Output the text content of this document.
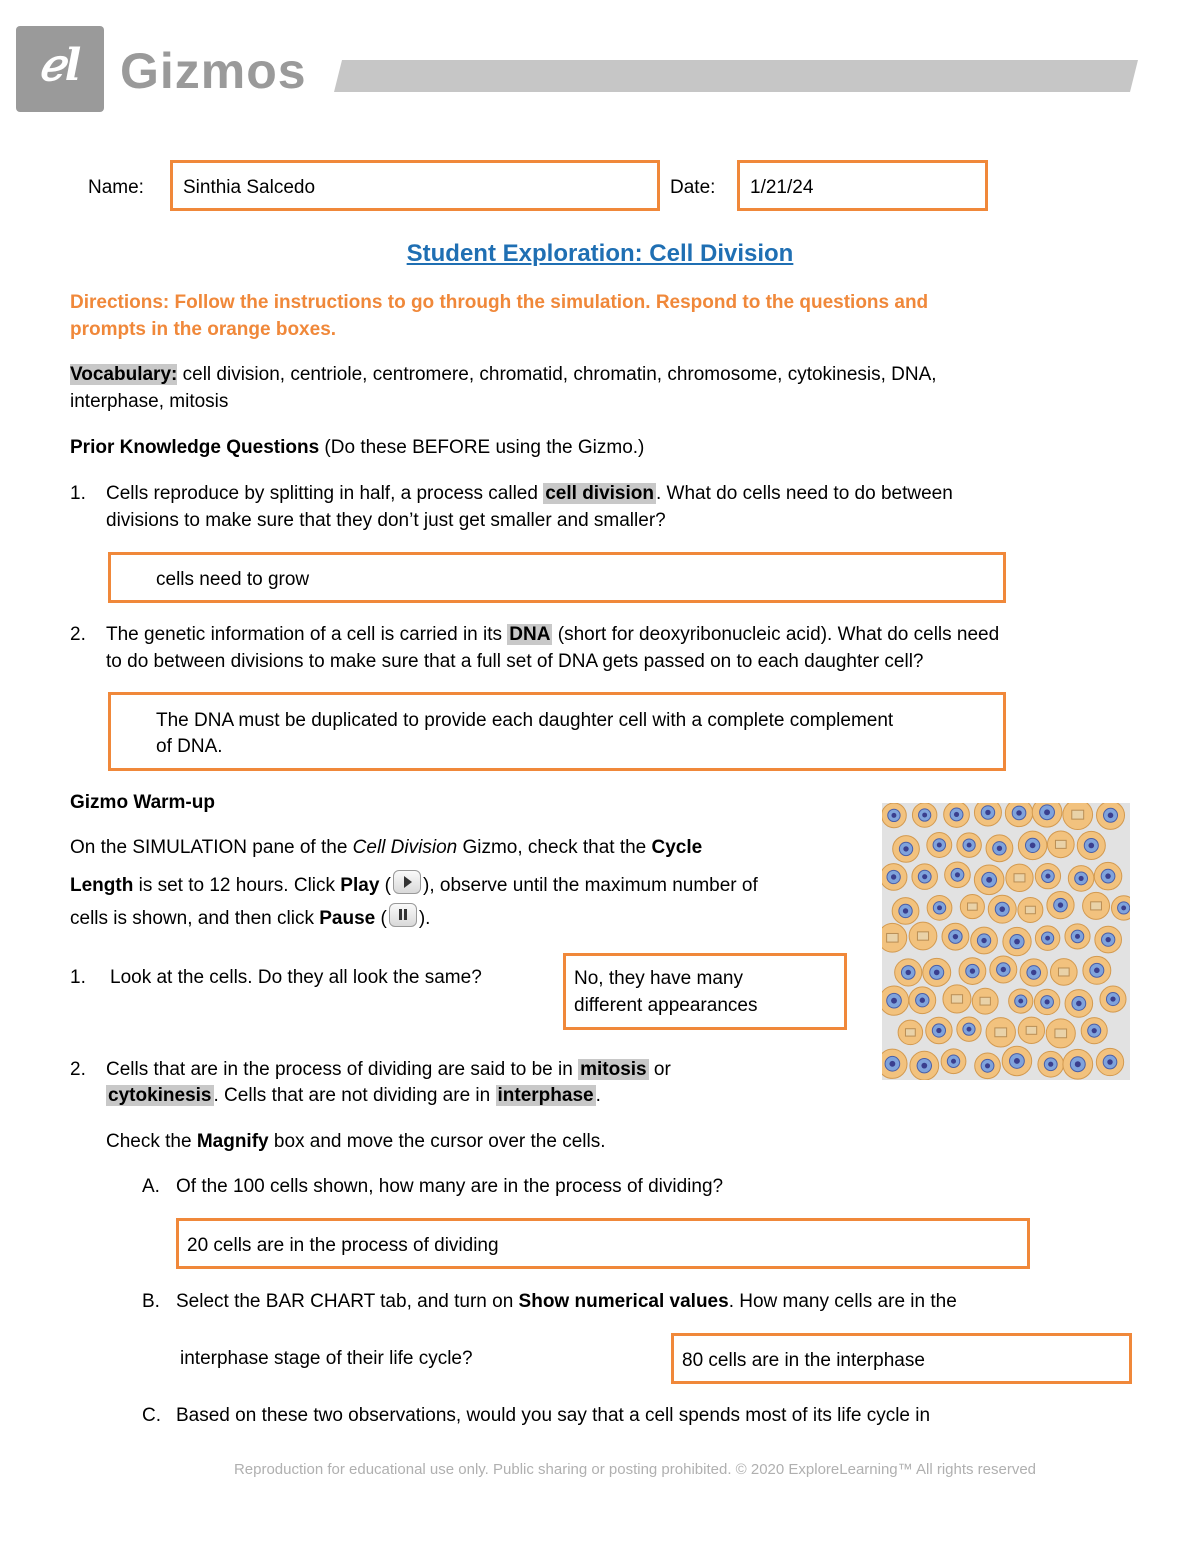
ℯl Gizmos
Name: Sinthia Salcedo	Date: 1/21/24
Student Exploration: Cell Division
Directions: Follow the instructions to go through the simulation. Respond to the questions and
prompts in the orange boxes.
Vocabulary: cell division, centriole, centromere, chromatid, chromatin, chromosome, cytokinesis, DNA,
interphase, mitosis
Prior Knowledge Questions (Do these BEFORE using the Gizmo.)
1. Cells reproduce by splitting in half, a process called cell division . What do cells need to do between
divisions to make sure that they don’t just get smaller and smaller?
cells need to grow
2. The genetic information of a cell is carried in its DNA (short for deoxyribonucleic acid). What do cells need
to do between divisions to make sure that a full set of DNA gets passed on to each daughter cell?
The DNA must be duplicated to provide each daughter cell with a complete complement
of DNA.
Gizmo Warm-up
On the SIMULATION pane of the Cell Division Gizmo, check that the Cycle
Length is set to 12 hours. Click Play ( ), observe until the maximum number of
cells is shown, and then click Pause ( ).
1. Look at the cells. Do they all look the same?	No, they have many
different appearances
2. Cells that are in the process of dividing are said to be in mitosis or
cytokinesis . Cells that are not dividing are in interphase .
Check the Magnify box and move the cursor over the cells.
A. Of the 100 cells shown, how many are in the process of dividing?
20 cells are in the process of dividing
B. Select the BAR CHART tab, and turn on Show numerical values. How many cells are in the
interphase stage of their life cycle?	80 cells are in the interphase
C. Based on these two observations, would you say that a cell spends most of its life cycle in
Reproduction for educational use only. Public sharing or posting prohibited. © 2020 ExploreLearning™ All rights reserved
